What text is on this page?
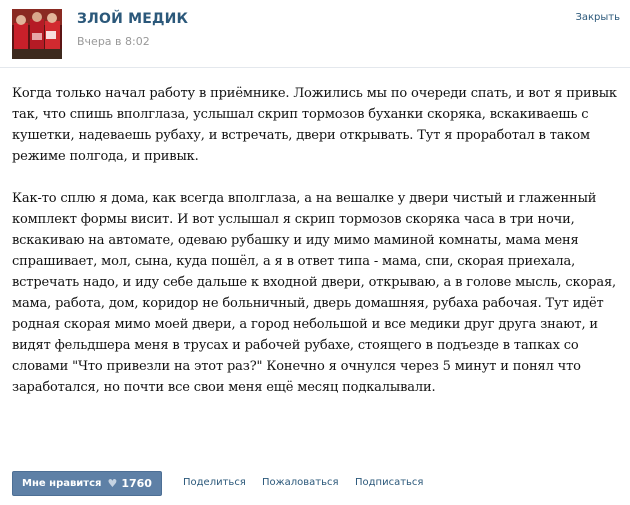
ЗЛОЙ МЕДИК
Вчера в 8:02
Закрыть

Когда только начал работу в приёмнике. Ложились мы по очереди спать, и вот я привык так, что спишь вполглаза, услышал скрип тормозов буханки скоряка, вскакиваешь с кушетки, надеваешь рубаху, и встречать, двери открывать. Тут я проработал в таком режиме полгода, и привык.

Как-то сплю я дома, как всегда вполглаза, а на вешалке у двери чистый и глаженный комплект формы висит. И вот услышал я скрип тормозов скоряка часа в три ночи, вскакиваю на автомате, одеваю рубашку и иду мимо маминой комнаты, мама меня спрашивает, мол, сына, куда пошёл, а я в ответ типа - мама, спи, скорая приехала, встречать надо, и иду себе дальше к входной двери, открываю, а в голове мысль, скорая, мама, работа, дом, коридор не больничный, дверь домашняя, рубаха рабочая. Тут идёт родная скорая мимо моей двери, а город небольшой и все медики друг друга знают, и видят фельдшера меня в трусах и рабочей рубахе, стоящего в подъезде в тапках со словами "Что привезли на этот раз?" Конечно я очнулся через 5 минут и понял что заработался, но почти все свои меня ещё месяц подкалывали.

Мне нравится ♥ 1760	Поделиться Пожаловаться Подписаться
